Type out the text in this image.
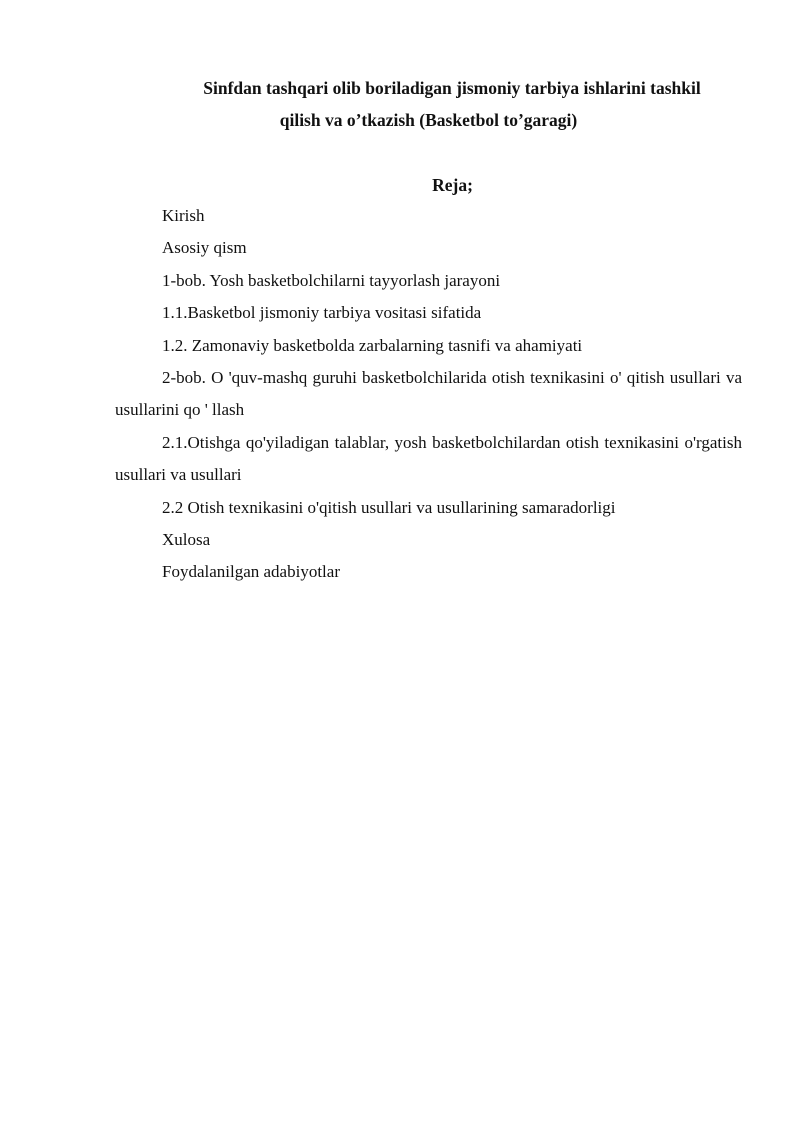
Sinfdan tashqari olib boriladigan jismoniy tarbiya ishlarini tashkil
qilish va o’tkazish (Basketbol to’garagi)
Reja;
Kirish
Asosiy qism
1-bob. Yosh basketbolchilarni tayyorlash jarayoni
1.1.Basketbol jismoniy tarbiya vositasi sifatida
1.2. Zamonaviy basketbolda zarbalarning tasnifi va ahamiyati
2-bob. O 'quv-mashq guruhi basketbolchilarida otish texnikasini o' qitish usullari va usullarini qo ' llash
2.1.Otishga qo'yiladigan talablar, yosh basketbolchilardan otish texnikasini o'rgatish usullari va usullari
2.2 Otish texnikasini o'qitish usullari va usullarining samaradorligi
Xulosa
Foydalanilgan adabiyotlar
